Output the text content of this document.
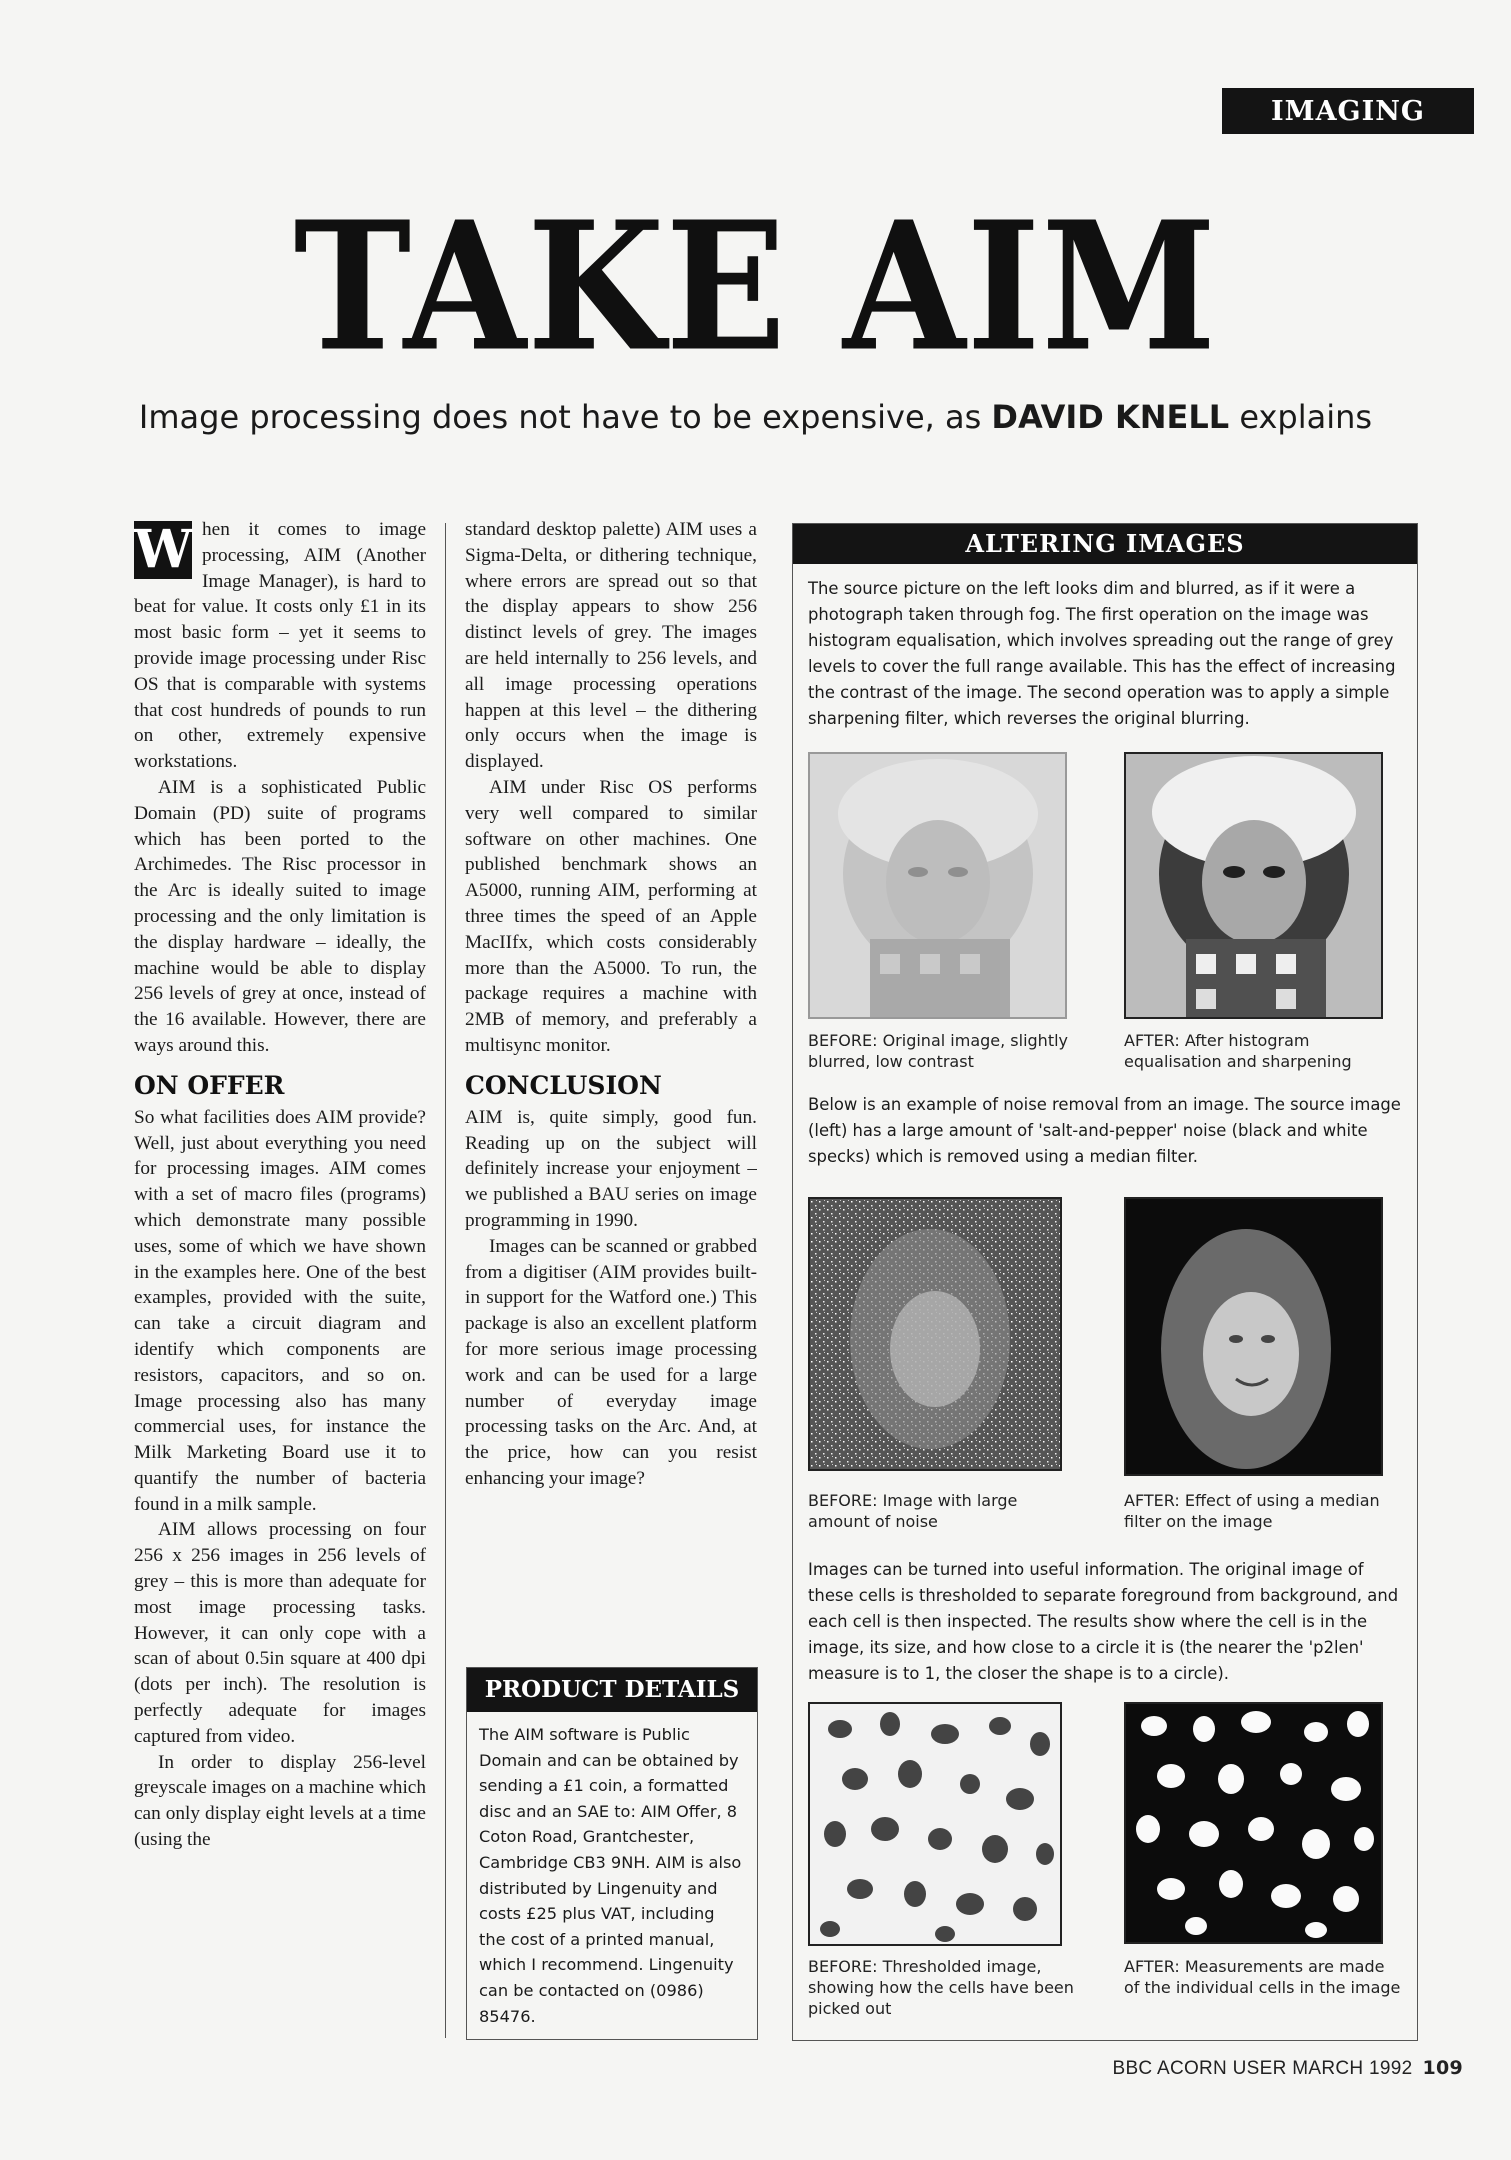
IMAGING
TAKE AIM
Image processing does not have to be expensive, as DAVID KNELL explains
W hen it comes to image processing, AIM (Another Image Manager), is hard to beat for value. It costs only £1 in its most basic form – yet it seems to provide image processing under Risc OS that is comparable with systems that cost hundreds of pounds to run on other, extremely expensive workstations.

AIM is a sophisticated Public Domain (PD) suite of programs which has been ported to the Archimedes. The Risc processor in the Arc is ideally suited to image processing and the only limitation is the display hardware – ideally, the machine would be able to display 256 levels of grey at once, instead of the 16 available. However, there are ways around this.

ON OFFER

So what facilities does AIM provide? Well, just about everything you need for processing images. AIM comes with a set of macro files (programs) which demonstrate many possible uses, some of which we have shown in the examples here. One of the best examples, provided with the suite, can take a circuit diagram and identify which components are resistors, capacitors, and so on. Image processing also has many commercial uses, for instance the Milk Marketing Board use it to quantify the number of bacteria found in a milk sample.

AIM allows processing on four 256 x 256 images in 256 levels of grey – this is more than adequate for most image processing tasks. However, it can only cope with a scan of about 0.5in square at 400 dpi (dots per inch). The resolution is perfectly adequate for images captured from video.

In order to display 256-level greyscale images on a machine which can only display eight levels at a time (using the

standard desktop palette) AIM uses a Sigma-Delta, or dithering technique, where errors are spread out so that the display appears to show 256 distinct levels of grey. The images are held internally to 256 levels, and all image processing operations happen at this level – the dithering only occurs when the image is displayed.

AIM under Risc OS performs very well compared to similar software on other machines. One published benchmark shows an A5000, running AIM, performing at three times the speed of an Apple MacIIfx, which costs considerably more than the A5000. To run, the package requires a machine with 2MB of memory, and preferably a multisync monitor.

CONCLUSION

AIM is, quite simply, good fun. Reading up on the subject will definitely increase your enjoyment – we published a BAU series on image programming in 1990.

Images can be scanned or grabbed from a digitiser (AIM provides built-in support for the Watford one.) This package is also an excellent platform for more serious image processing work and can be used for a large number of everyday image processing tasks on the Arc. And, at the price, how can you resist enhancing your image?

PRODUCT DETAILS
The AIM software is Public Domain and can be obtained by sending a £1 coin, a formatted disc and an SAE to: AIM Offer, 8 Coton Road, Grantchester, Cambridge CB3 9NH. AIM is also distributed by Lingenuity and costs £25 plus VAT, including the cost of a printed manual, which I recommend. Lingenuity can be contacted on (0986) 85476.
ALTERING IMAGES
The source picture on the left looks dim and blurred, as if it were a photograph taken through fog. The first operation on the image was histogram equalisation, which involves spreading out the range of grey levels to cover the full range available. This has the effect of increasing the contrast of the image. The second operation was to apply a simple sharpening filter, which reverses the original blurring.
BEFORE: Original image, slightly blurred, low contrast
AFTER: After histogram equalisation and sharpening
Below is an example of noise removal from an image. The source image (left) has a large amount of 'salt-and-pepper' noise (black and white specks) which is removed using a median filter.
BEFORE: Image with large amount of noise
AFTER: Effect of using a median filter on the image
Images can be turned into useful information. The original image of these cells is thresholded to separate foreground from background, and each cell is then inspected. The results show where the cell is in the image, its size, and how close to a circle it is (the nearer the 'p2len' measure is to 1, the closer the shape is to a circle).
BEFORE: Thresholded image, showing how the cells have been picked out
AFTER: Measurements are made of the individual cells in the image
BBC ACORN USER MARCH 1992 109
